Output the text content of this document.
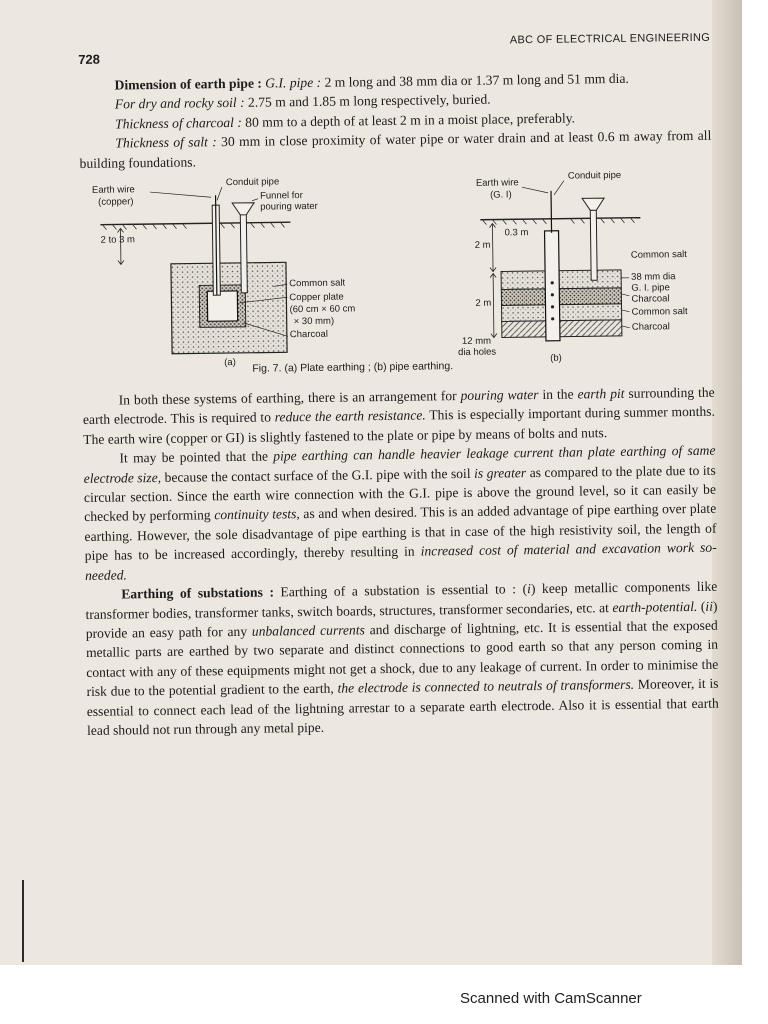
728
ABC OF ELECTRICAL ENGINEERING

Dimension of earth pipe : G.I. pipe : 2 m long and 38 mm dia or 1.37 m long and 51 mm dia.

For dry and rocky soil : 2.75 m and 1.85 m long respectively, buried.

Thickness of charcoal : 80 mm to a depth of at least 2 m in a moist place, preferably.

Thickness of salt : 30 mm in close proximity of water pipe or water drain and at least 0.6 m away from all building foundations.

Earth wire
(copper)
Conduit pipe
Funnel for
pouring water
2 to 3 m
Common salt
Copper plate
(60 cm × 60 cm
× 30 mm)
Charcoal
(a)
Earth wire
(G. I)
Conduit pipe
2 m
0.3 m
2 m
12 mm
dia holes
Common salt
38 mm dia
G. I. pipe
Charcoal
Common salt
Charcoal
(b)
Fig. 7. (a) Plate earthing ; (b) pipe earthing.

In both these systems of earthing, there is an arrangement for pouring water in the earth pit surrounding the earth electrode. This is required to reduce the earth resistance. This is especially important during summer months. The earth wire (copper or GI) is slightly fastened to the plate or pipe by means of bolts and nuts.

It may be pointed that the pipe earthing can handle heavier leakage current than plate earthing of same electrode size, because the contact surface of the G.I. pipe with the soil is greater as compared to the plate due to its circular section. Since the earth wire connection with the G.I. pipe is above the ground level, so it can easily be checked by performing continuity tests, as and when desired. This is an added advantage of pipe earthing over plate earthing. However, the sole disadvantage of pipe earthing is that in case of the high resistivity soil, the length of pipe has to be increased accordingly, thereby resulting in increased cost of material and excavation work so-needed.

Earthing of substations : Earthing of a substation is essential to : (i) keep metallic components like transformer bodies, transformer tanks, switch boards, structures, transformer secondaries, etc. at earth-potential. (ii) provide an easy path for any unbalanced currents and discharge of lightning, etc. It is essential that the exposed metallic parts are earthed by two separate and distinct connections to good earth so that any person coming in contact with any of these equipments might not get a shock, due to any leakage of current. In order to minimise the risk due to the potential gradient to the earth, the electrode is connected to neutrals of transformers. Moreover, it is essential to connect each lead of the lightning arrestar to a separate earth electrode. Also it is essential that earth lead should not run through any metal pipe.

Scanned with CamScanner
